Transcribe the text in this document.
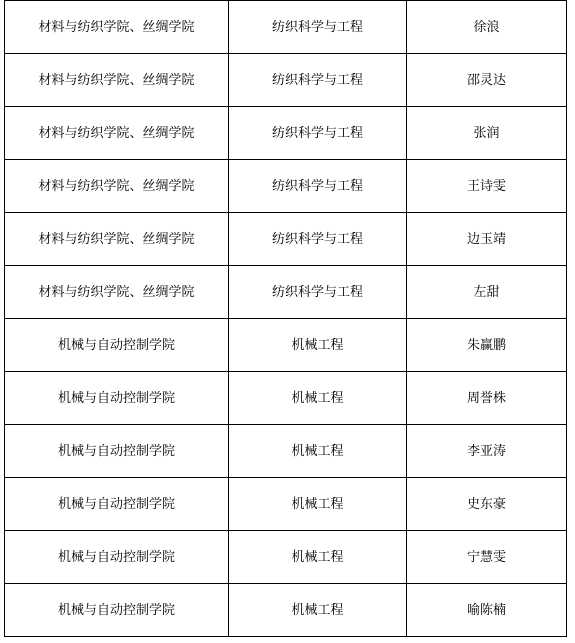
材料与纺织学院、丝绸学院	纺织科学与工程	徐浪
材料与纺织学院、丝绸学院	纺织科学与工程	邵灵达
材料与纺织学院、丝绸学院	纺织科学与工程	张润
材料与纺织学院、丝绸学院	纺织科学与工程	王诗雯
材料与纺织学院、丝绸学院	纺织科学与工程	边玉靖
材料与纺织学院、丝绸学院	纺织科学与工程	左甜
机械与自动控制学院	机械工程	朱赢鹏
机械与自动控制学院	机械工程	周誉株
机械与自动控制学院	机械工程	李亚涛
机械与自动控制学院	机械工程	史东豪
机械与自动控制学院	机械工程	宁慧雯
机械与自动控制学院	机械工程	喻陈楠
